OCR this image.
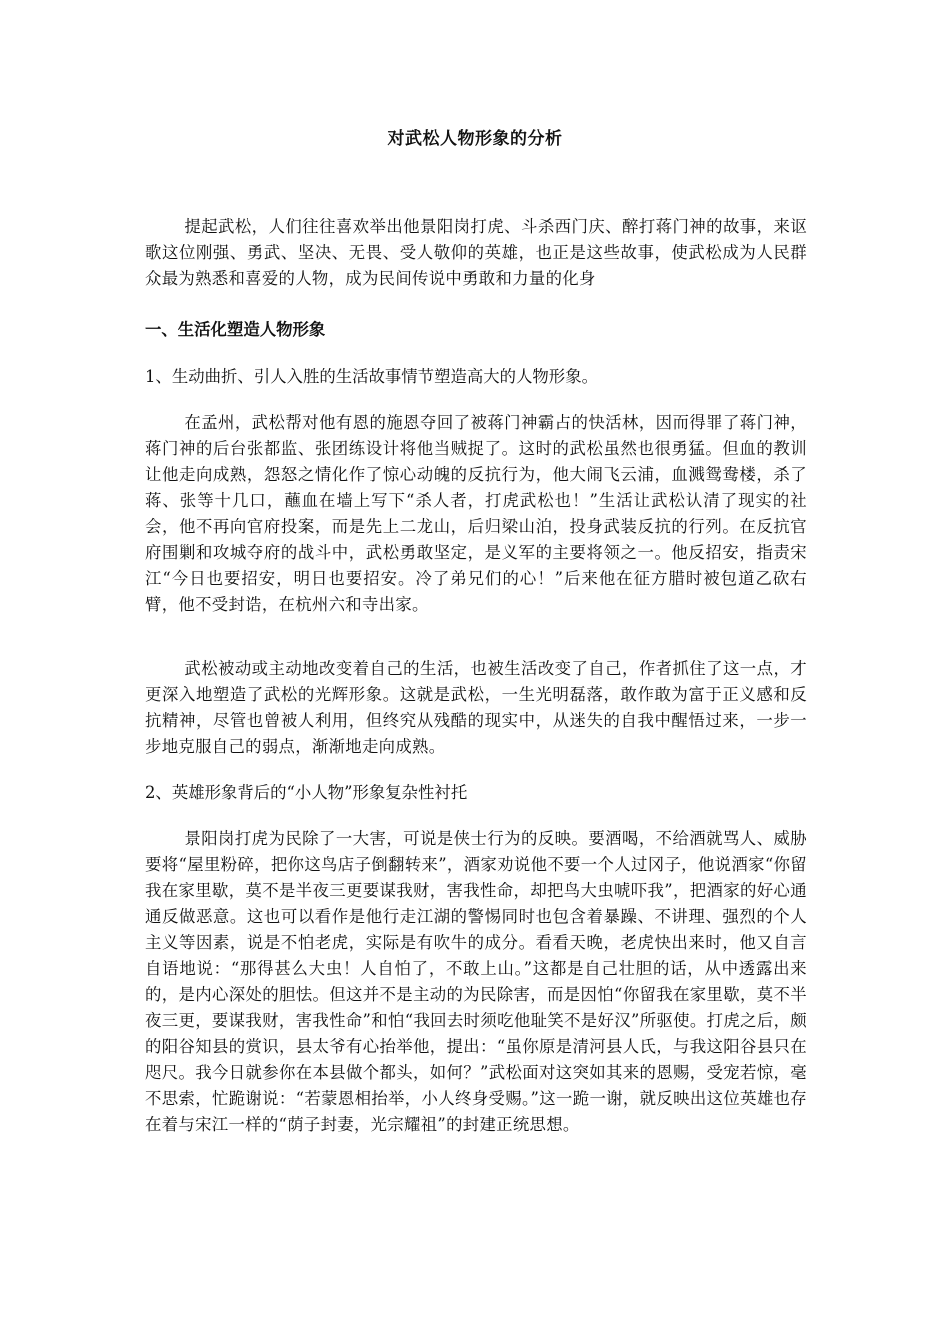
对武松人物形象的分析
提起武松，人们往往喜欢举出他景阳岗打虎、斗杀西门庆、醉打蒋门神的故事，来讴歌这位刚强、勇武、坚决、无畏、受人敬仰的英雄，也正是这些故事，使武松成为人民群众最为熟悉和喜爱的人物，成为民间传说中勇敢和力量的化身
一、生活化塑造人物形象
1、生动曲折、引人入胜的生活故事情节塑造高大的人物形象。
在孟州，武松帮对他有恩的施恩夺回了被蒋门神霸占的快活林，因而得罪了蒋门神，蒋门神的后台张都监、张团练设计将他当贼捉了。这时的武松虽然也很勇猛。但血的教训让他走向成熟，怨怒之情化作了惊心动魄的反抗行为，他大闹飞云浦，血溅鸳鸯楼，杀了蒋、张等十几口，蘸血在墙上写下“杀人者，打虎武松也！”生活让武松认清了现实的社会，他不再向官府投案，而是先上二龙山，后归梁山泊，投身武装反抗的行列。在反抗官府围剿和攻城夺府的战斗中，武松勇敢坚定，是义军的主要将领之一。他反招安，指责宋江“今日也要招安，明日也要招安。冷了弟兄们的心！”后来他在征方腊时被包道乙砍右臂，他不受封诰，在杭州六和寺出家。
武松被动或主动地改变着自己的生活，也被生活改变了自己，作者抓住了这一点，才更深入地塑造了武松的光辉形象。这就是武松，一生光明磊落，敢作敢为富于正义感和反抗精神，尽管也曾被人利用，但终究从残酷的现实中，从迷失的自我中醒悟过来，一步一步地克服自己的弱点，渐渐地走向成熟。
2、英雄形象背后的“小人物”形象复杂性衬托
景阳岗打虎为民除了一大害，可说是侠士行为的反映。要酒喝，不给酒就骂人、威胁要将“屋里粉碎，把你这鸟店子倒翻转来”，酒家劝说他不要一个人过冈子，他说酒家“你留我在家里歇，莫不是半夜三更要谋我财，害我性命，却把鸟大虫唬吓我”，把酒家的好心通通反做恶意。这也可以看作是他行走江湖的警惕同时也包含着暴躁、不讲理、强烈的个人主义等因素，说是不怕老虎，实际是有吹牛的成分。看看天晚，老虎快出来时，他又自言自语地说：“那得甚么大虫！人自怕了，不敢上山。”这都是自己壮胆的话，从中透露出来的，是内心深处的胆怯。但这并不是主动的为民除害，而是因怕“你留我在家里歇，莫不半夜三更，要谋我财，害我性命”和怕“我回去时须吃他耻笑不是好汉”所驱使。打虎之后，颇的阳谷知县的赏识，县太爷有心抬举他，提出：“虽你原是清河县人氏，与我这阳谷县只在咫尺。我今日就参你在本县做个都头，如何？”武松面对这突如其来的恩赐，受宠若惊，毫不思索，忙跪谢说：“若蒙恩相抬举，小人终身受赐。”这一跪一谢，就反映出这位英雄也存在着与宋江一样的“荫子封妻，光宗耀祖”的封建正统思想。
